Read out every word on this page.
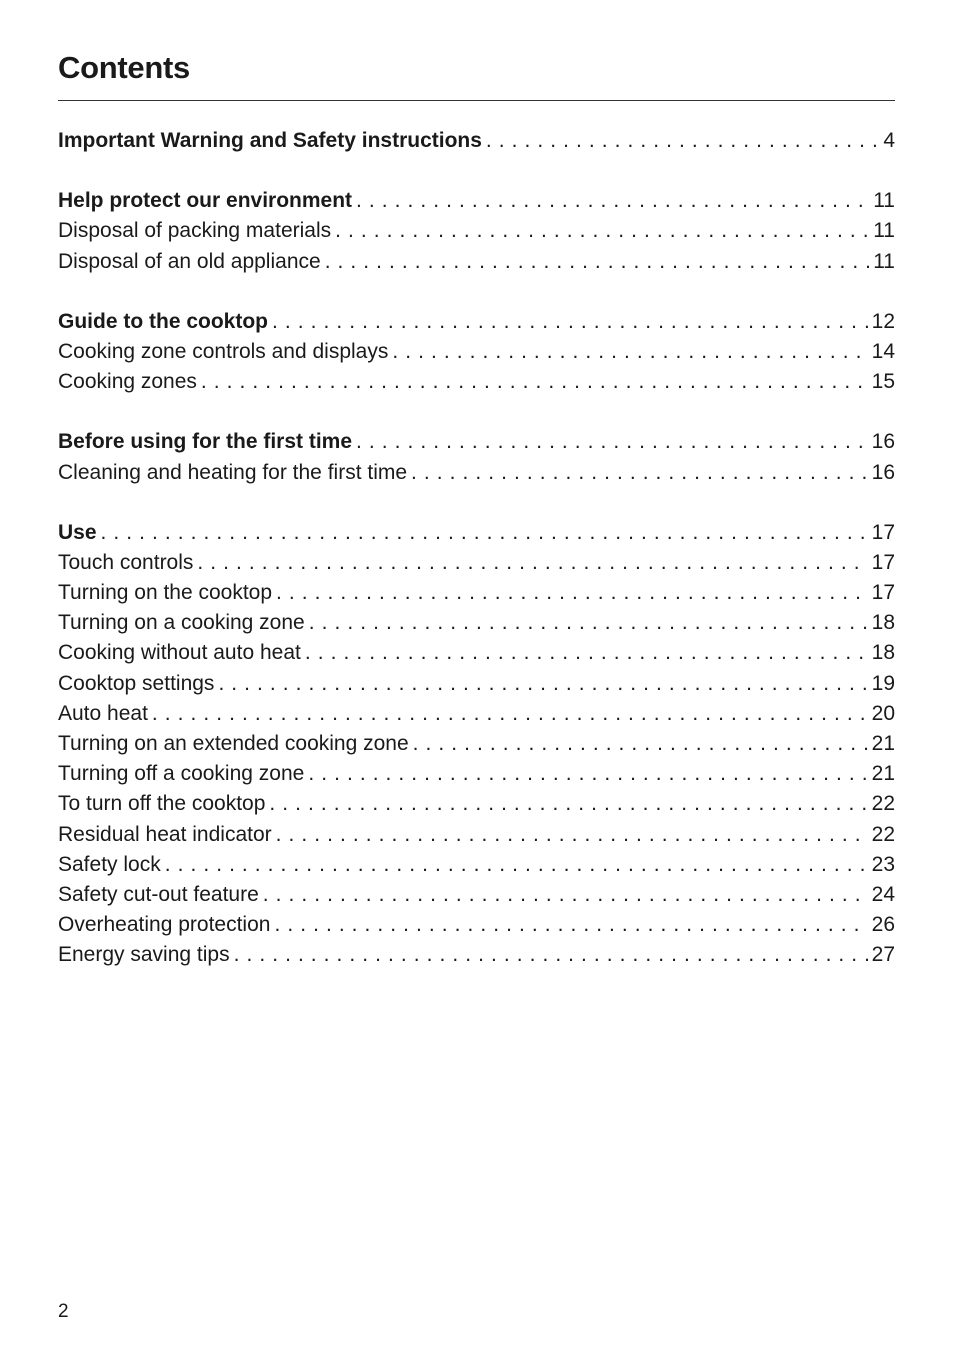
Contents
Important Warning and Safety instructions . . .	4
Help protect our environment . . .	11
Disposal of packing materials . . .	11
Disposal of an old appliance . . .	11
Guide to the cooktop . . .	12
Cooking zone controls and displays . . .	14
Cooking zones . . .	15
Before using for the first time . . .	16
Cleaning and heating for the first time . . .	16
Use . . .	17
Touch controls . . .	17
Turning on the cooktop . . .	17
Turning on a cooking zone . . .	18
Cooking without auto heat . . .	18
Cooktop settings . . .	19
Auto heat . . .	20
Turning on an extended cooking zone . . .	21
Turning off a cooking zone . . .	21
To turn off the cooktop . . .	22
Residual heat indicator . . .	22
Safety lock . . .	23
Safety cut-out feature . . .	24
Overheating protection . . .	26
Energy saving tips . . .	27
2
